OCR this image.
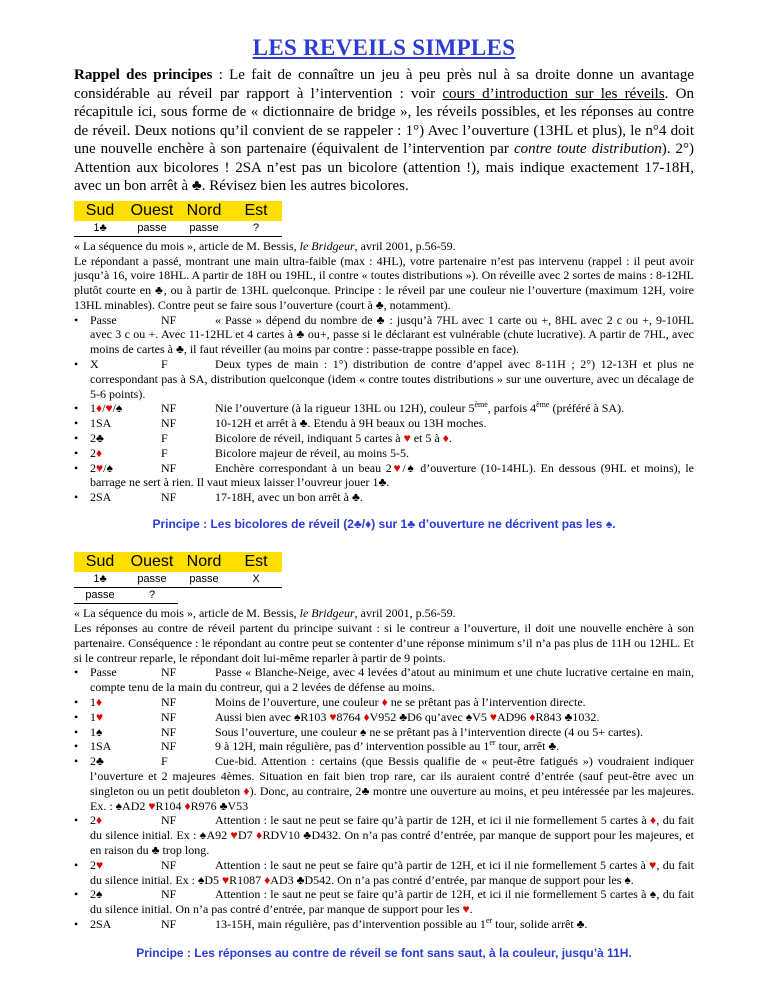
LES REVEILS SIMPLES

Rappel des principes : Le fait de connaître un jeu à peu près nul à sa droite donne un avantage considérable au réveil par rapport à l’intervention : voir cours d’introduction sur les réveils. On récapitule ici, sous forme de « dictionnaire de bridge », les réveils possibles, et les réponses au contre de réveil. Deux notions qu’il convient de se rappeler : 1°) Avec l’ouverture (13HL et plus), le n°4 doit une nouvelle enchère à son partenaire (équivalent de l’intervention par contre toute distribution). 2°) Attention aux bicolores ! 2SA n’est pas un bicolore (attention !), mais indique exactement 17-18H, avec un bon arrêt à ♣. Révisez bien les autres bicolores.

Sud	Ouest	Nord	Est
1♣	passe	passe	?

« La séquence du mois », article de M. Bessis, le Bridgeur, avril 2001, p.56-59.

Le répondant a passé, montrant une main ultra-faible (max : 4HL), votre partenaire n’est pas intervenu (rappel : il peut avoir jusqu’à 16, voire 18HL. A partir de 18H ou 19HL, il contre « toutes distributions »). On réveille avec 2 sortes de mains : 8-12HL plutôt courte en ♣, ou à partir de 13HL quelconque. Principe : le réveil par une couleur nie l’ouverture (maximum 12H, voire 13HL minables). Contre peut se faire sous l’ouverture (court à ♣, notamment).

• Passe	NF	« Passe » dépend du nombre de ♣ : jusqu’à 7HL avec 1 carte ou +, 8HL avec 2 c ou +, 9-10HL avec 3 c ou +. Avec 11-12HL et 4 cartes à ♣ ou+, passe si le déclarant est vulnérable (chute lucrative). A partir de 7HL, avec moins de cartes à ♣, il faut réveiller (au moins par contre : passe-trappe possible en face).
• X	F	Deux types de main : 1°) distribution de contre d’appel avec 8-11H ; 2°) 12-13H et plus ne correspondant pas à SA, distribution quelconque (idem « contre toutes distributions » sur une ouverture, avec un décalage de 5-6 points).
• 1♦/♥/♠	NF	Nie l’ouverture (à la rigueur 13HL ou 12H), couleur 5ème, parfois 4ème (préféré à SA).
• 1SA	NF	10-12H et arrêt à ♣. Etendu à 9H beaux ou 13H moches.
• 2♣	F	Bicolore de réveil, indiquant 5 cartes à ♥ et 5 à ♦.
• 2♦	F	Bicolore majeur de réveil, au moins 5-5.
• 2♥/♠	NF	Enchère correspondant à un beau 2♥/♠ d’ouverture (10-14HL). En dessous (9HL et moins), le barrage ne sert à rien. Il vaut mieux laisser l’ouvreur jouer 1♣.
• 2SA	NF	17-18H, avec un bon arrêt à ♣.

Principe : Les bicolores de réveil (2♣/♦) sur 1♣ d’ouverture ne décrivent pas les ♠.

Sud	Ouest	Nord	Est
1♣	passe	passe	X
passe	?		

« La séquence du mois », article de M. Bessis, le Bridgeur, avril 2001, p.56-59.

Les réponses au contre de réveil partent du principe suivant : si le contreur a l’ouverture, il doit une nouvelle enchère à son partenaire. Conséquence : le répondant au contre peut se contenter d’une réponse minimum s’il n’a pas plus de 11H ou 12HL. Et si le contreur reparle, le répondant doit lui-même reparler à partir de 9 points.

• Passe	NF	Passe « Blanche-Neige, avec 4 levées d’atout au minimum et une chute lucrative certaine en main, compte tenu de la main du contreur, qui a 2 levées de défense au moins.
• 1♦	NF	Moins de l’ouverture, une couleur ♦ ne se prêtant pas à l’intervention directe.
• 1♥	NF	Aussi bien avec ♠R103 ♥8764 ♦V952 ♣D6 qu’avec ♠V5 ♥AD96 ♦R843 ♣1032.
• 1♠	NF	Sous l’ouverture, une couleur ♠ ne se prêtant pas à l’intervention directe (4 ou 5+ cartes).
• 1SA	NF	9 à 12H, main régulière, pas d’ intervention possible au 1er tour, arrêt ♣.
• 2♣	F	Cue-bid. Attention : certains (que Bessis qualifie de « peut-être fatigués ») voudraient indiquer l’ouverture et 2 majeures 4èmes. Situation en fait bien trop rare, car ils auraient contré d’entrée (sauf peut-être avec un singleton ou un petit doubleton ♦). Donc, au contraire, 2♣ montre une ouverture au moins, et peu intéressée par les majeures. Ex. : ♠AD2 ♥R104 ♦R976 ♣V53
• 2♦	NF	Attention : le saut ne peut se faire qu’à partir de 12H, et ici il nie formellement 5 cartes à ♦, du fait du silence initial. Ex : ♠A92 ♥D7 ♦RDV10 ♣D432. On n’a pas contré d’entrée, par manque de support pour les majeures, et en raison du ♣ trop long.
• 2♥	NF	Attention : le saut ne peut se faire qu’à partir de 12H, et ici il nie formellement 5 cartes à ♥, du fait du silence initial. Ex : ♠D5 ♥R1087 ♦AD3 ♣D542. On n’a pas contré d’entrée, par manque de support pour les ♠.
• 2♠	NF	Attention : le saut ne peut se faire qu’à partir de 12H, et ici il nie formellement 5 cartes à ♠, du fait du silence initial. On n’a pas contré d’entrée, par manque de support pour les ♥.
• 2SA	NF	13-15H, main régulière, pas d’intervention possible au 1er tour, solide arrêt ♣.

Principe : Les réponses au contre de réveil se font sans saut, à la couleur, jusqu’à 11H.
